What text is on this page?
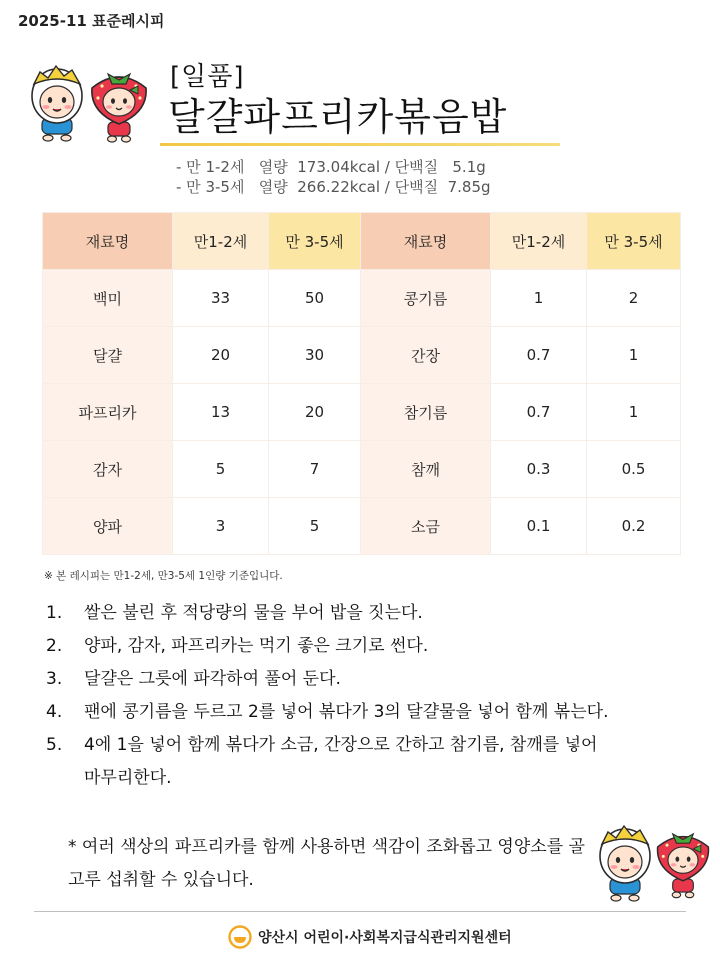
2025-11 표준레시피
[일품]
달걀파프리카볶음밥
- 만 1-2세   열량  173.04kcal / 단백질   5.1g
- 만 3-5세   열량  266.22kcal / 단백질  7.85g
재료명	만1-2세	만 3-5세	재료명	만1-2세	만 3-5세
백미	33	50	콩기름	1	2
달걀	20	30	간장	0.7	1
파프리카	13	20	참기름	0.7	1
감자	5	7	참깨	0.3	0.5
양파	3	5	소금	0.1	0.2
※ 본 레시피는 만1-2세, 만3-5세 1인량 기준입니다.
1. 쌀은 불린 후 적당량의 물을 부어 밥을 짓는다.
2. 양파, 감자, 파프리카는 먹기 좋은 크기로 썬다.
3. 달걀은 그릇에 파각하여 풀어 둔다.
4. 팬에 콩기름을 두르고 2를 넣어 볶다가 3의 달걀물을 넣어 함께 볶는다.
5. 4에 1을 넣어 함께 볶다가 소금, 간장으로 간하고 참기름, 참깨를 넣어 마무리한다.
* 여러 색상의 파프리카를 함께 사용하면 색감이 조화롭고 영양소를 골고루 섭취할 수 있습니다.
양산시 어린이·사회복지급식관리지원센터
